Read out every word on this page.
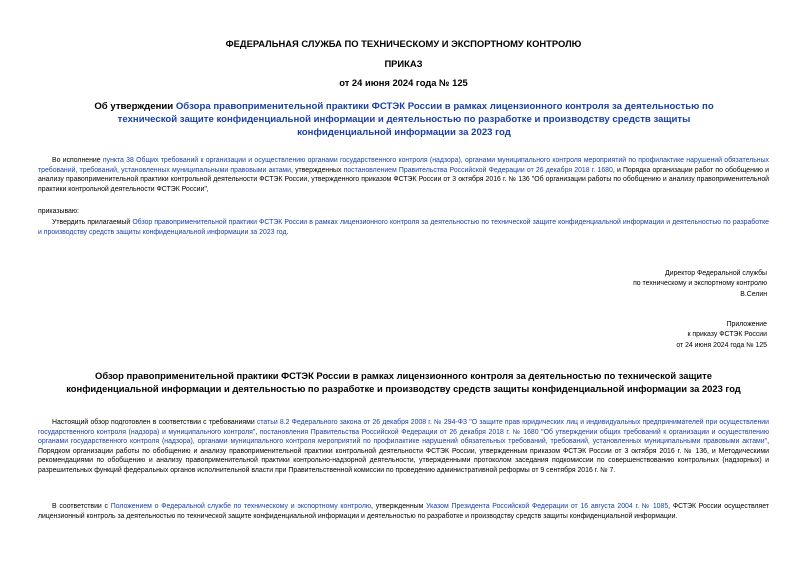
ФЕДЕРАЛЬНАЯ СЛУЖБА ПО ТЕХНИЧЕСКОМУ И ЭКСПОРТНОМУ КОНТРОЛЮ
ПРИКАЗ
от 24 июня 2024 года № 125
Об утверждении Обзора правоприменительной практики ФСТЭК России в рамках лицензионного контроля за деятельностью по технической защите конфиденциальной информации и деятельностью по разработке и производству средств защиты конфиденциальной информации за 2023 год
Во исполнение пункта 38 Общих требований к организации и осуществлению органами государственного контроля (надзора), органами муниципального контроля мероприятий по профилактике нарушений обязательных требований, требований, установленных муниципальными правовыми актами, утвержденных постановлением Правительства Российской Федерации от 26 декабря 2018 г. 1680, и Порядка организации работ по обобщению и анализу правоприменительной практики контрольной деятельности ФСТЭК России, утвержденного приказом ФСТЭК России от 3 октября 2016 г. № 136 "Об организации работы по обобщению и анализу правоприменительной практики контрольной деятельности ФСТЭК России",
приказываю:
Утвердить прилагаемый Обзор правоприменительной практики ФСТЭК России в рамках лицензионного контроля за деятельностью по технической защите конфиденциальной информации и деятельностью по разработке и производству средств защиты конфиденциальной информации за 2023 год.
Директор Федеральной службы
по техническому и экспортному контролю
В.Селин
Приложение
к приказу ФСТЭК России
от 24 июня 2024 года № 125
Обзор правоприменительной практики ФСТЭК России в рамках лицензионного контроля за деятельностью по технической защите конфиденциальной информации и деятельностью по разработке и производству средств защиты конфиденциальной информации за 2023 год
Настоящий обзор подготовлен в соответствии с требованиями статьи 8.2 Федерального закона от 26 декабря 2008 г. № 294-ФЗ "О защите прав юридических лиц и индивидуальных предпринимателей при осуществлении государственного контроля (надзора) и муниципального контроля", постановления Правительства Российской Федерации от 26 декабря 2018 г. № 1680 "Об утверждении общих требований к организации и осуществлению органами государственного контроля (надзора), органами муниципального контроля мероприятий по профилактике нарушений обязательных требований, требований, установленных муниципальными правовыми актами", Порядком организации работы по обобщению и анализу правоприменительной практики контрольной деятельности ФСТЭК России, утвержденным приказом ФСТЭК России от 3 октября 2016 г. № 136, и Методическими рекомендациями по обобщению и анализу правоприменительной практики контрольно-надзорной деятельности, утвержденными протоколом заседания подкомиссии по совершенствованию контрольных (надзорных) и разрешительных функций федеральных органов исполнительной власти при Правительственной комиссии по проведению административной реформы от 9 сентября 2016 г. № 7.
В соответствии с Положением о Федеральной службе по техническому и экспортному контролю, утвержденным Указом Президента Российской Федерации от 16 августа 2004 г. № 1085, ФСТЭК России осуществляет лицензионный контроль за деятельностью по технической защите конфиденциальной информации и деятельностью по разработке и производству средств защиты конфиденциальной информации.
